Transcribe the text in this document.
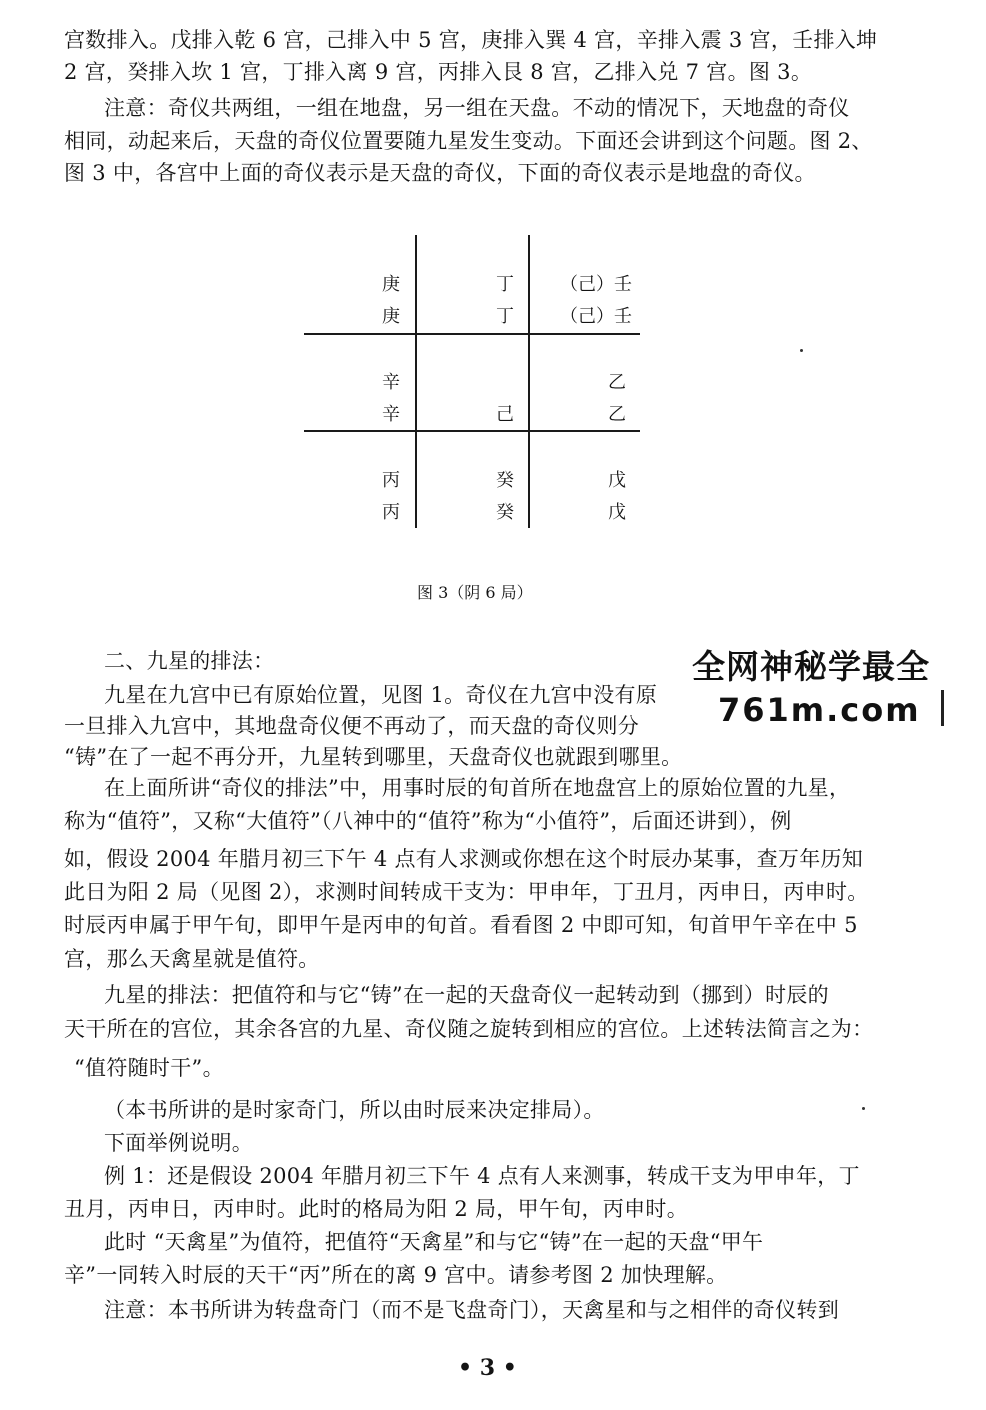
宫数排入。戊排入乾 6 宫，己排入中 5 宫，庚排入巽 4 宫，辛排入震 3 宫，壬排入坤
2 宫，癸排入坎 1 宫，丁排入离 9 宫，丙排入艮 8 宫，乙排入兑 7 宫。图 3。
注意：奇仪共两组，一组在地盘，另一组在天盘。不动的情况下，天地盘的奇仪
相同，动起来后，天盘的奇仪位置要随九星发生变动。下面还会讲到这个问题。图 2、
图 3 中，各宫中上面的奇仪表示是天盘的奇仪，下面的奇仪表示是地盘的奇仪。
庚
庚
丁
丁
（己）壬
（己）壬
辛
辛	己
乙
乙
丙
丙
癸
癸
戊
戊
图 3（阴 6 局）
二、九星的排法：
九星在九宫中已有原始位置，见图 1。奇仪在九宫中没有原
一旦排入九宫中，其地盘奇仪便不再动了，而天盘的奇仪则分
“铸”在了一起不再分开，九星转到哪里，天盘奇仪也就跟到哪里。
在上面所讲“奇仪的排法”中，用事时辰的旬首所在地盘宫上的原始位置的九星，
称为“值符”，又称“大值符”（八神中的“值符”称为“小值符”，后面还讲到），例
如，假设 2004 年腊月初三下午 4 点有人求测或你想在这个时辰办某事，查万年历知
此日为阳 2 局（见图 2），求测时间转成干支为：甲申年，丁丑月，丙申日，丙申时。
时辰丙申属于甲午旬，即甲午是丙申的旬首。看看图 2 中即可知，旬首甲午辛在中 5
宫，那么天禽星就是值符。
九星的排法：把值符和与它“铸”在一起的天盘奇仪一起转动到（挪到）时辰的
天干所在的宫位，其余各宫的九星、奇仪随之旋转到相应的宫位。上述转法简言之为：
“值符随时干”。
（本书所讲的是时家奇门，所以由时辰来决定排局）。
下面举例说明。
例 1：还是假设 2004 年腊月初三下午 4 点有人来测事，转成干支为甲申年，丁
丑月，丙申日，丙申时。此时的格局为阳 2 局，甲午旬，丙申时。
此时 “天禽星”为值符，把值符“天禽星”和与它“铸”在一起的天盘“甲午
辛”一同转入时辰的天干“丙”所在的离 9 宫中。请参考图 2 加快理解。
注意：本书所讲为转盘奇门（而不是飞盘奇门），天禽星和与之相伴的奇仪转到
全网神秘学最全
761m.com
• 3 •
